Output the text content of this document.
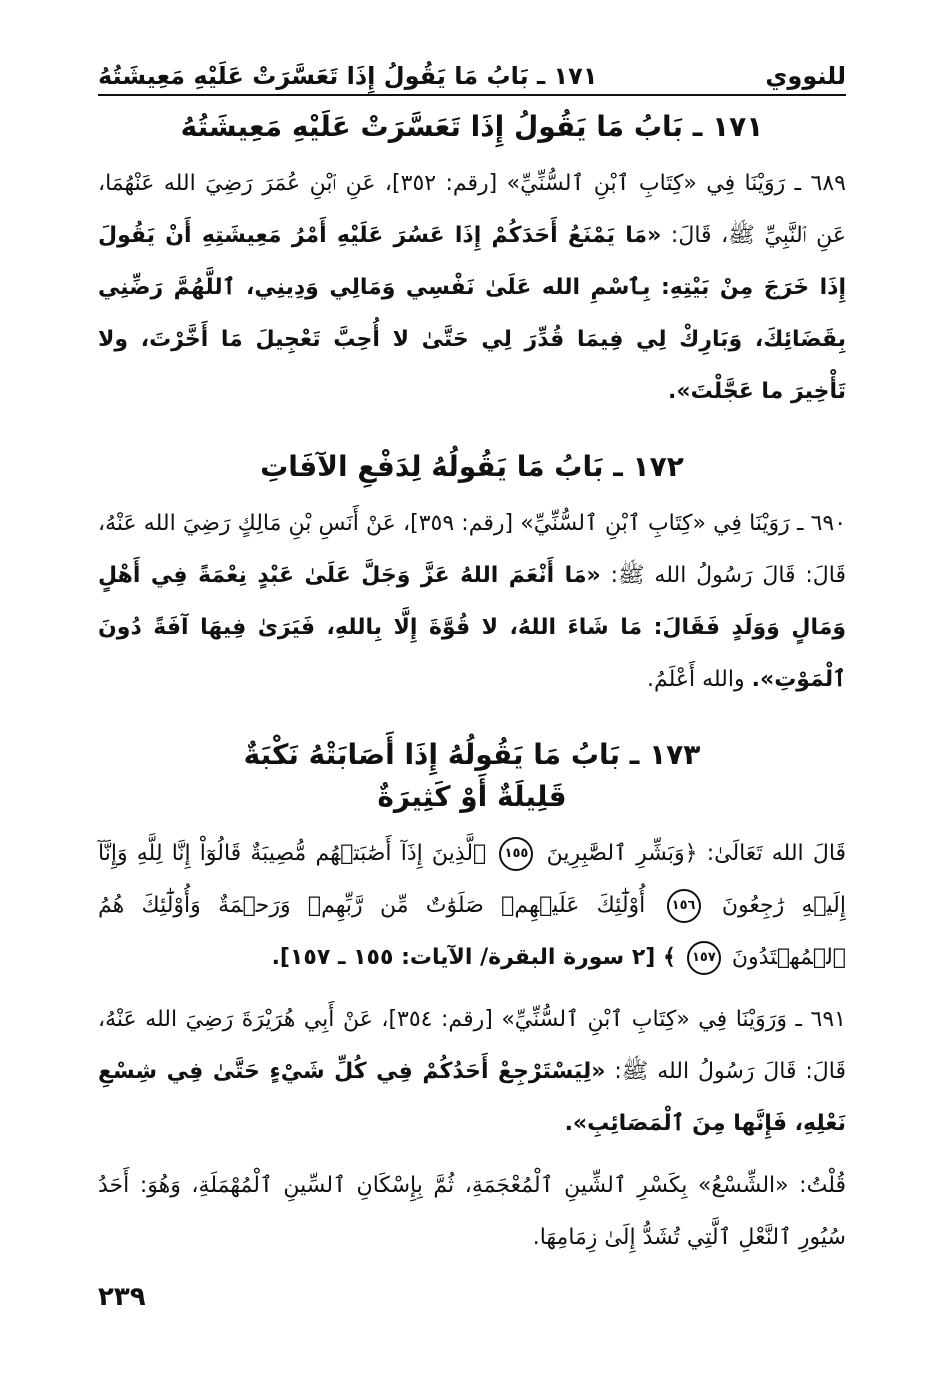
للنووي
١٧١ ـ بَابُ مَا يَقُولُ إِذَا تَعَسَّرَتْ عَلَيْهِ مَعِيشَتُهُ
١٧١ ـ بَابُ مَا يَقُولُ إِذَا تَعَسَّرَتْ عَلَيْهِ مَعِيشَتُهُ

٦٨٩ ـ رَوَيْنَا فِي «كِتَابِ ٱبْنِ ٱلسُّنِّيِّ» [رقم: ٣٥٢]، عَنِ ٱبْنِ عُمَرَ رَضِيَ الله عَنْهُمَا، عَنِ ٱلنَّبِيِّ ﷺ، قَالَ: «مَا يَمْنَعُ أَحَدَكُمْ إِذَا عَسُرَ عَلَيْهِ أَمْرُ مَعِيشَتِهِ أَنْ يَقُولَ إِذَا خَرَجَ مِنْ بَيْتِهِ: بِٱسْمِ الله عَلَىٰ نَفْسِي وَمَالِي وَدِينِي، ٱللَّهُمَّ رَضِّنِي بِقَضَائِكَ، وَبَارِكْ لِي فِيمَا قُدِّرَ لِي حَتَّىٰ لا أُحِبَّ تَعْجِيلَ مَا أَخَّرْتَ، ولا تَأْخِيرَ ما عَجَّلْتَ».

١٧٢ ـ بَابُ مَا يَقُولُهُ لِدَفْعِ الآفَاتِ

٦٩٠ ـ رَوَيْنَا فِي «كِتَابِ ٱبْنِ ٱلسُّنِّيِّ» [رقم: ٣٥٩]، عَنْ أَنَسِ بْنِ مَالِكٍ رَضِيَ الله عَنْهُ، قَالَ: قَالَ رَسُولُ الله ﷺ: «مَا أَنْعَمَ اللهُ عَزَّ وَجَلَّ عَلَىٰ عَبْدٍ نِعْمَةً فِي أَهْلٍ وَمَالٍ وَوَلَدٍ فَقَالَ: مَا شَاءَ اللهُ، لا قُوَّةَ إِلَّا بِاللهِ، فَيَرَىٰ فِيهَا آفَةً دُونَ ٱلْمَوْتِ». والله أَعْلَمُ.

١٧٣ ـ بَابُ مَا يَقُولُهُ إِذَا أَصَابَتْهُ نَكْبَةٌ
قَلِيلَةٌ أَوْ كَثِيرَةٌ

قَالَ الله تَعَالَىٰ: ﴿وَبَشِّرِ ٱلصَّٰبِرِينَ ١٥٥ ٱلَّذِينَ إِذَآ أَصَٰبَتۡهُم مُّصِيبَةٌ قَالُوٓاْ إِنَّا لِلَّهِ وَإِنَّآ إِلَيۡهِ رَٰجِعُونَ ١٥٦ أُوْلَٰٓئِكَ عَلَيۡهِمۡ صَلَوَٰتٌ مِّن رَّبِّهِمۡ وَرَحۡمَةٌ وَأُوْلَٰٓئِكَ هُمُ ٱلۡمُهۡتَدُونَ ١٥٧ ﴾ [٢ سورة البقرة/ الآيات: ١٥٥ ـ ١٥٧].

٦٩١ ـ وَرَوَيْنَا فِي «كِتَابِ ٱبْنِ ٱلسُّنِّيِّ» [رقم: ٣٥٤]، عَنْ أَبِي هُرَيْرَةَ رَضِيَ الله عَنْهُ، قَالَ: قَالَ رَسُولُ الله ﷺ: «لِيَسْتَرْجِعْ أَحَدُكُمْ فِي كُلِّ شَيْءٍ حَتَّىٰ فِي شِسْعِ نَعْلِهِ، فَإِنَّها مِنَ ٱلْمَصَائِبِ».

قُلْتُ: «الشِّسْعُ» بِكَسْرِ ٱلشِّينِ ٱلْمُعْجَمَةِ، ثُمَّ بِإِسْكَانِ ٱلسِّينِ ٱلْمُهْمَلَةِ، وَهُوَ: أَحَدُ سُيُورِ ٱلنَّعْلِ ٱلَّتِي تُشَدُّ إِلَىٰ زِمَامِهَا.

٢٣٩
